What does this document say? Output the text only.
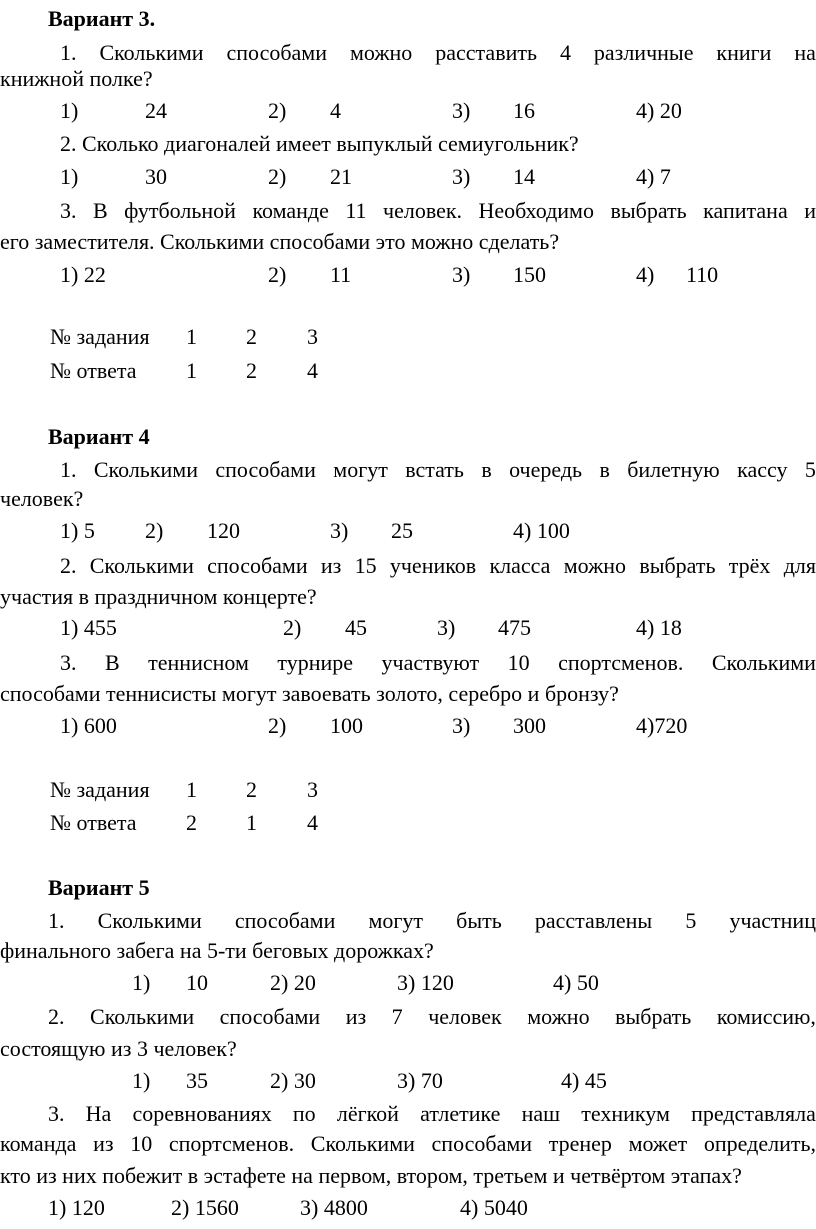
Вариант 3.
1. Сколькими способами можно расставить 4 различные книги на
книжной полке?
1)	24	2) 4	3) 16	4) 20
2. Сколько диагоналей имеет выпуклый семиугольник?
1)	30	2) 21	3) 14	4) 7
3. В футбольной команде 11 человек. Необходимо выбрать капитана и
его заместителя. Сколькими способами это можно сделать?
1) 22	2) 11	3) 150	4) 110
№ задания 1 2 3
№ ответа 1 2 4
Вариант 4
1. Сколькими способами могут встать в очередь в билетную кассу 5
человек?
1) 5 2) 120	3) 25	4) 100
2. Сколькими способами из 15 учеников класса можно выбрать трёх для
участия в праздничном концерте?
1) 455	2) 45	3) 475	4) 18
3. В теннисном турнире участвуют 10 спортсменов. Сколькими
способами теннисисты могут завоевать золото, серебро и бронзу?
1) 600	2) 100	3) 300	4)720
№ задания 1 2 3
№ ответа 2 1 4
Вариант 5
1. Сколькими способами могут быть расставлены 5 участниц
финального забега на 5-ти беговых дорожках?
1) 10	2) 20	3) 120	4) 50
2. Сколькими способами из 7 человек можно выбрать комиссию,
состоящую из 3 человек?
1) 35	2) 30	3) 70	4) 45
3. На соревнованиях по лёгкой атлетике наш техникум представляла
команда из 10 спортсменов. Сколькими способами тренер может определить,
кто из них побежит в эстафете на первом, втором, третьем и четвёртом этапах?
1) 120	2) 1560	3) 4800	4) 5040
